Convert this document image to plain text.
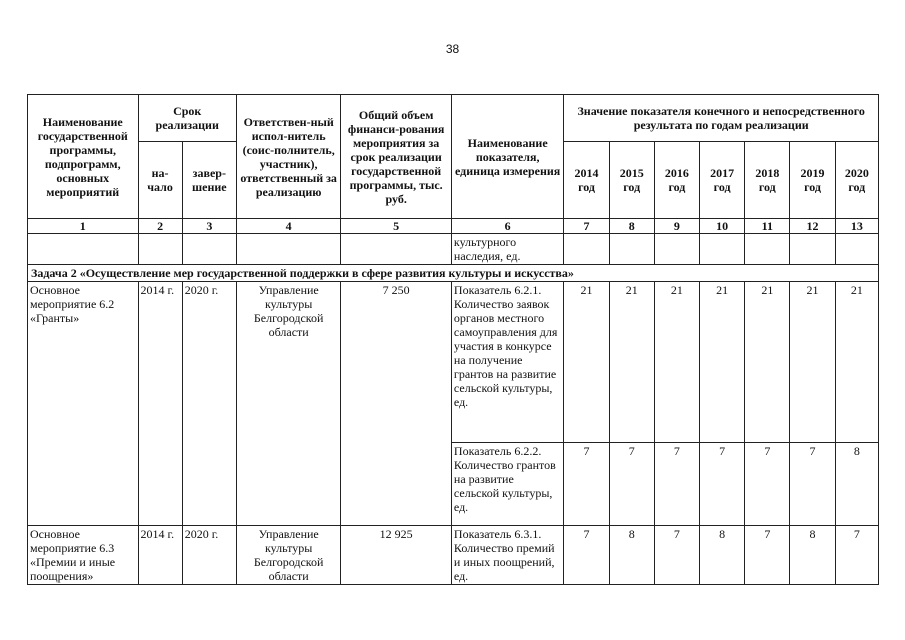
38
Наименование государственной программы, подпрограмм, основных мероприятий	Срок реализации		Ответствен-ный испол-нитель (соис-полнитель, участник), ответственный за реализацию	Общий объем финанси-рования мероприятия за срок реализации государственной программы, тыс. руб.	Наименование показателя, единица измерения	Значение показателя конечного и непосредственного результата по годам реализации						
	на-чало	завер-шение				2014 год	2015 год	2016 год	2017 год	2018 год	2019 год	2020 год
1	2	3	4	5	6	7	8	9	10	11	12	13
					культурного наследия, ед.							
Задача 2 «Осуществление мер государственной поддержки в сфере развития культуры и искусства»												
Основное мероприятие 6.2 «Гранты»	2014 г.	2020 г.	Управление культуры Белгородской области	7 250	Показатель 6.2.1. Количество заявок органов местного самоуправления для участия в конкурсе на получение грантов на развитие сельской культуры, ед.	21	21	21	21	21	21	21
					Показатель 6.2.2. Количество грантов на развитие сельской культуры, ед.	7	7	7	7	7	7	8
Основное мероприятие 6.3 «Премии и иные поощрения»	2014 г.	2020 г.	Управление культуры Белгородской области	12 925	Показатель 6.3.1. Количество премий и иных поощрений, ед.	7	8	7	8	7	8	7
